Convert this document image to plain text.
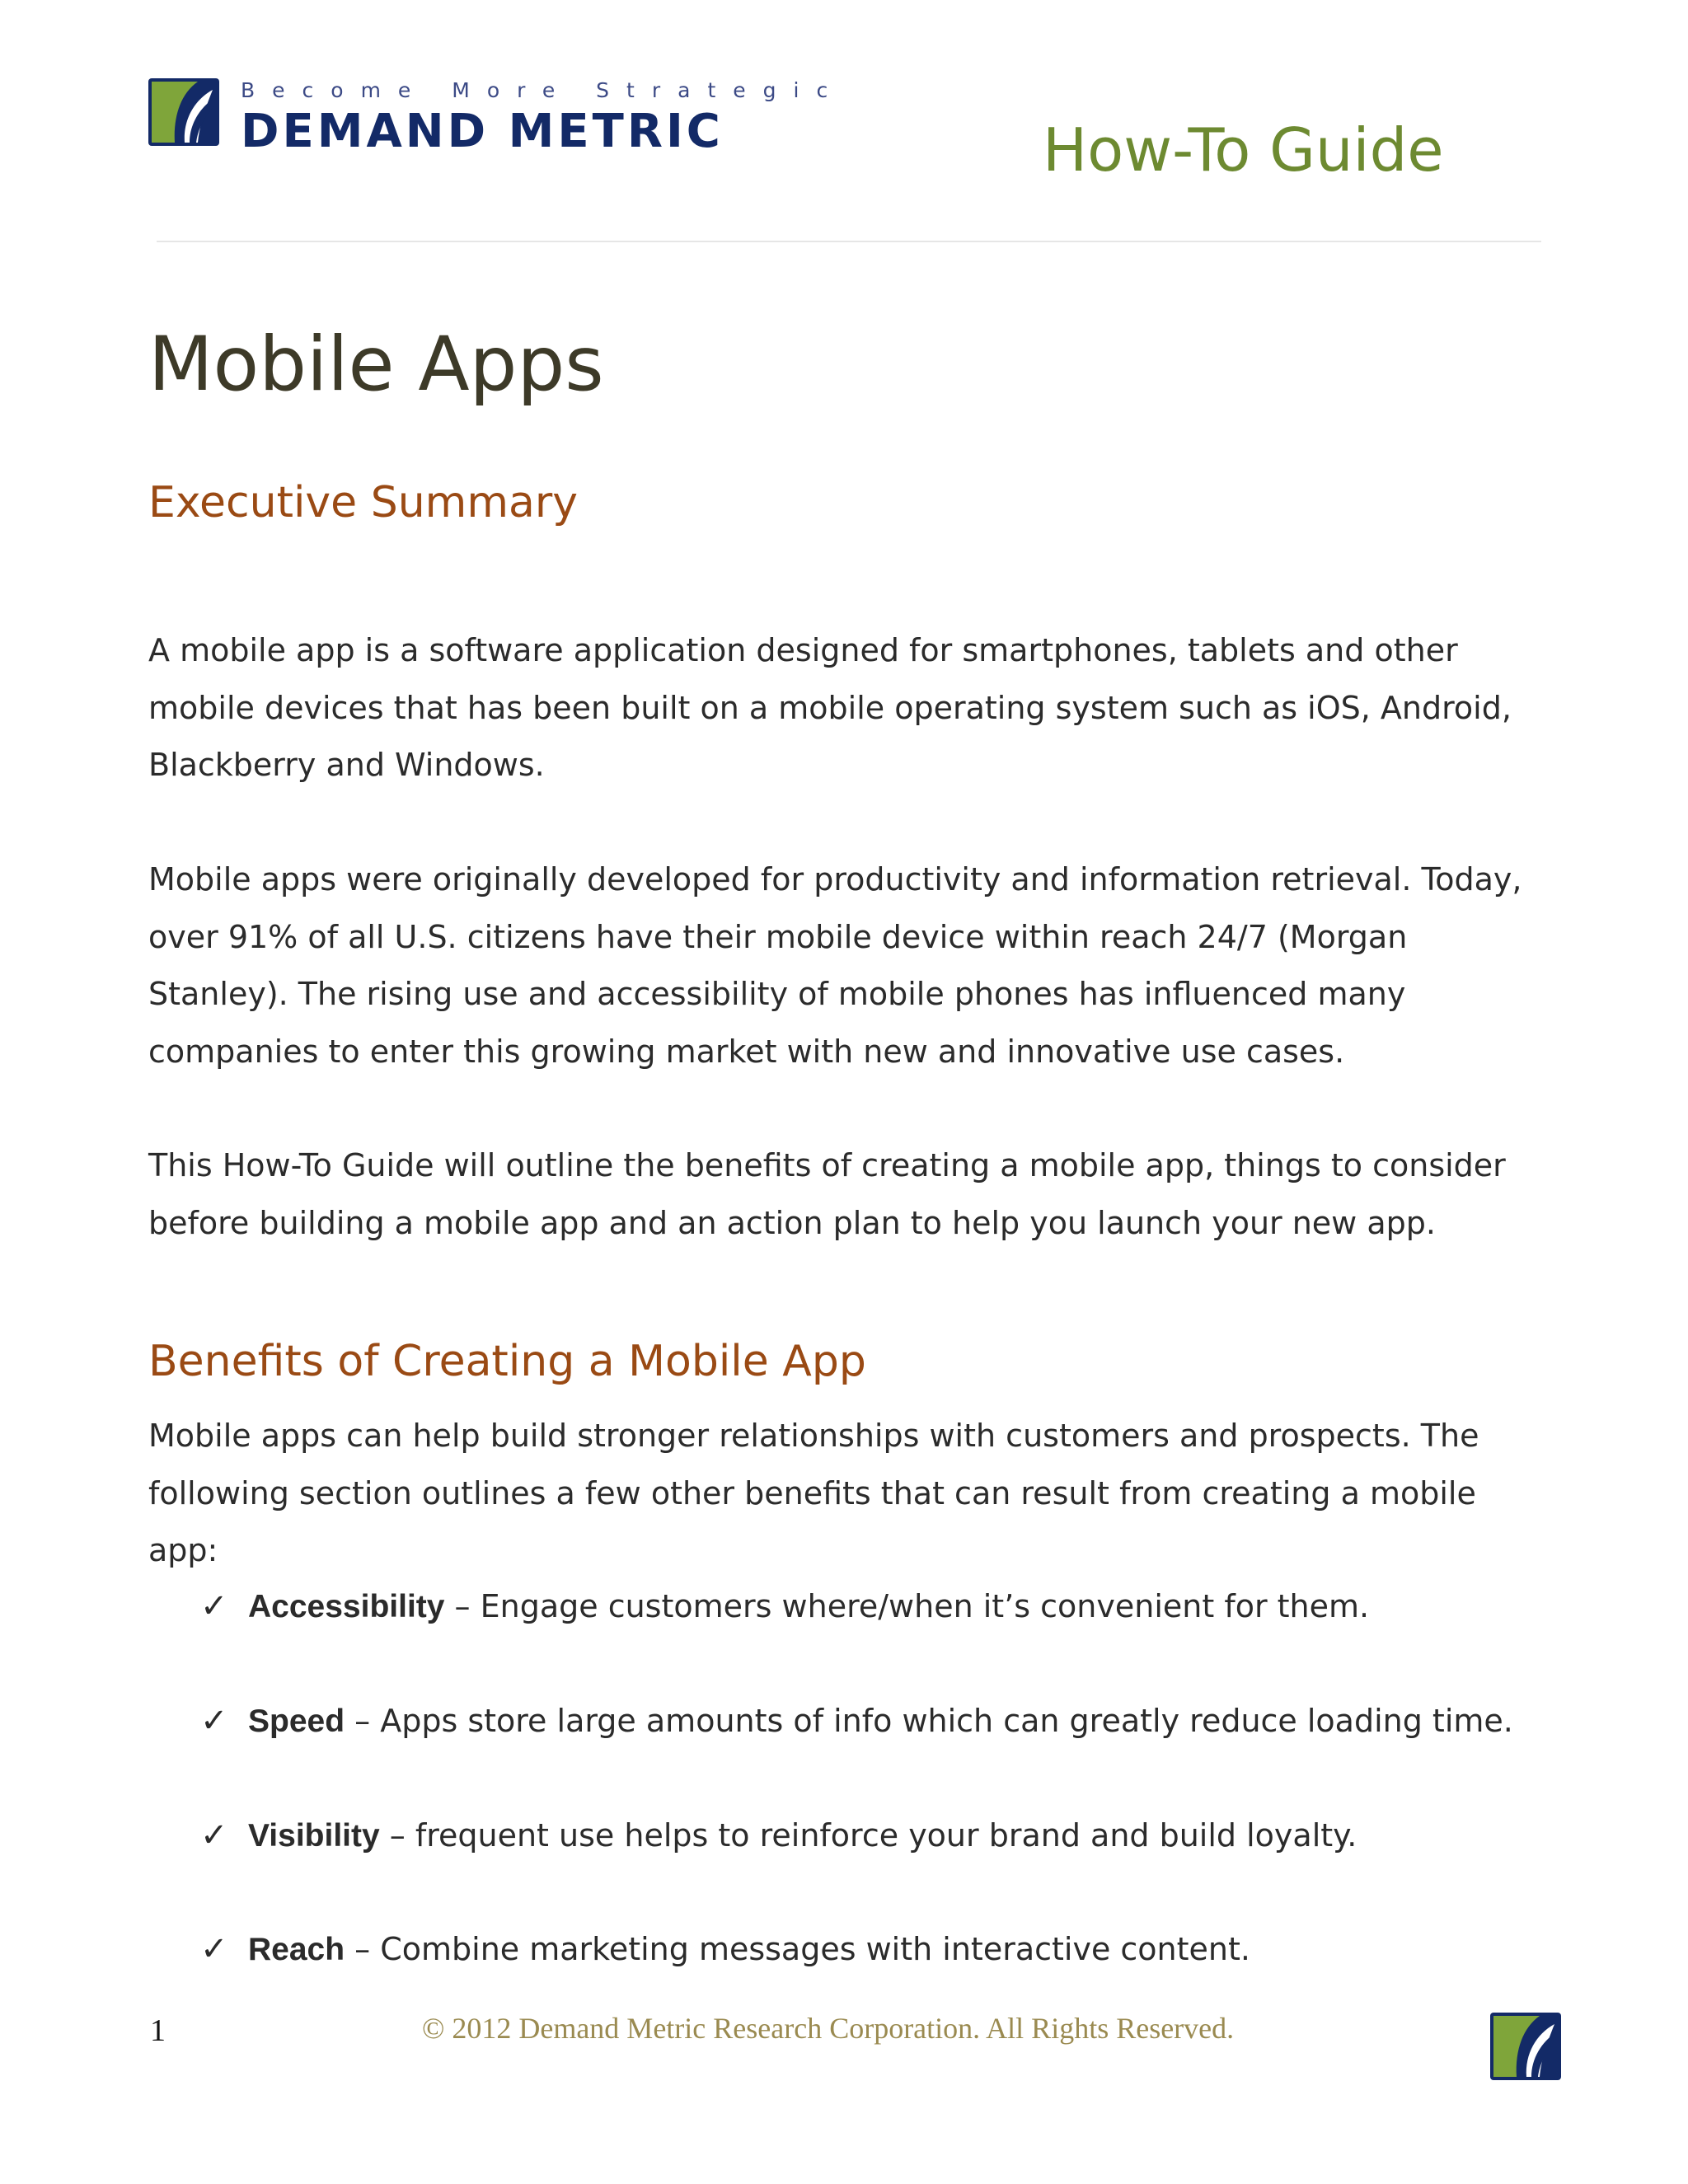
Become More Strategic
DEMAND METRIC	How-To Guide
Mobile Apps
Executive Summary

A mobile app is a software application designed for smartphones, tablets and other mobile devices that has been built on a mobile operating system such as iOS, Android, Blackberry and Windows.

Mobile apps were originally developed for productivity and information retrieval. Today, over 91% of all U.S. citizens have their mobile device within reach 24/7 (Morgan Stanley). The rising use and accessibility of mobile phones has influenced many companies to enter this growing market with new and innovative use cases.

This How-To Guide will outline the benefits of creating a mobile app, things to consider before building a mobile app and an action plan to help you launch your new app.

Benefits of Creating a Mobile App

Mobile apps can help build stronger relationships with customers and prospects. The following section outlines a few other benefits that can result from creating a mobile app:

✓ Accessibility – Engage customers where/when it’s convenient for them.
✓ Speed – Apps store large amounts of info which can greatly reduce loading time.
✓ Visibility – frequent use helps to reinforce your brand and build loyalty.
✓ Reach – Combine marketing messages with interactive content.
1	© 2012 Demand Metric Research Corporation. All Rights Reserved.
